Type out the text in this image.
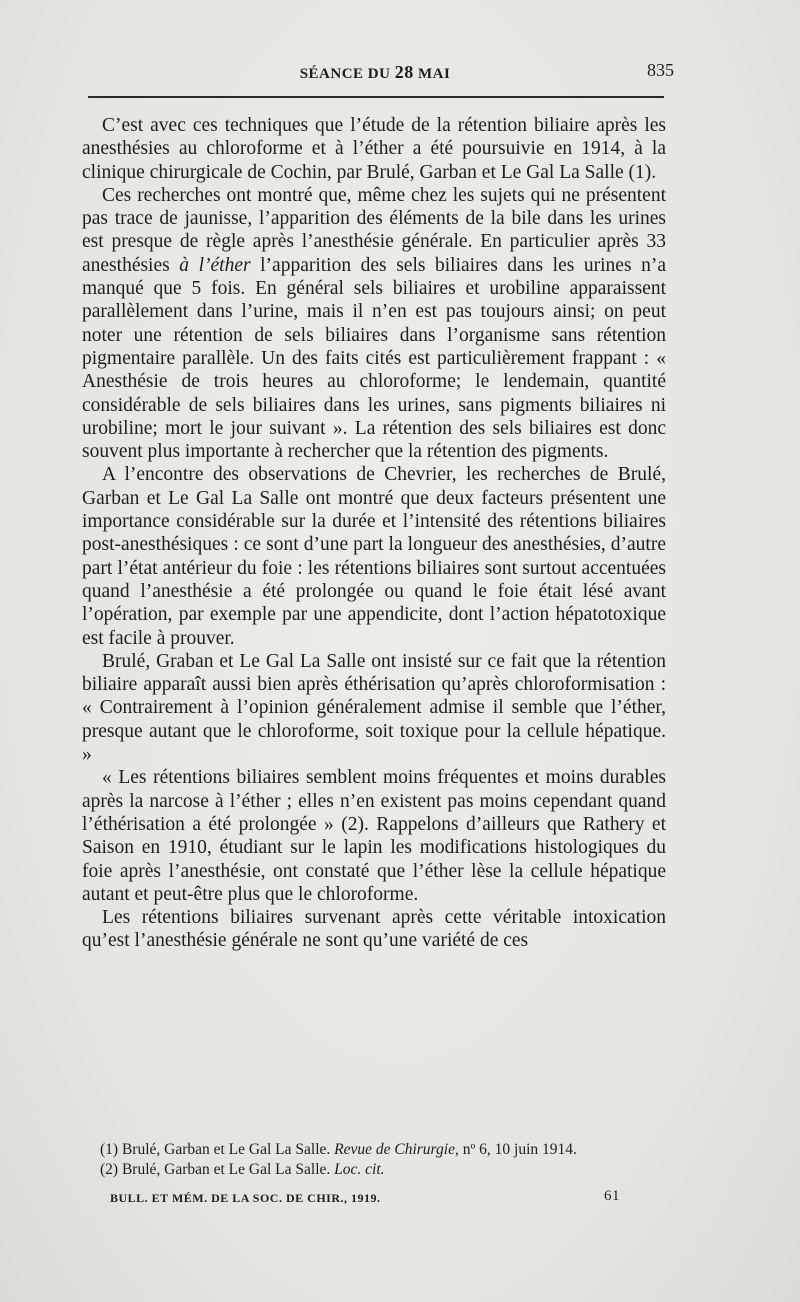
SÉANCE DU 28 MAI	835

C’est avec ces techniques que l’étude de la rétention biliaire après les anesthésies au chloroforme et à l’éther a été poursuivie en 1914, à la clinique chirurgicale de Cochin, par Brulé, Garban et Le Gal La Salle (1).

Ces recherches ont montré que, même chez les sujets qui ne présentent pas trace de jaunisse, l’apparition des éléments de la bile dans les urines est presque de règle après l’anesthésie générale. En particulier après 33 anesthésies à l’éther l’apparition des sels biliaires dans les urines n’a manqué que 5 fois. En général sels biliaires et urobiline apparaissent parallèlement dans l’urine, mais il n’en est pas toujours ainsi; on peut noter une rétention de sels biliaires dans l’organisme sans rétention pigmentaire parallèle. Un des faits cités est particulièrement frappant : « Anesthésie de trois heures au chloroforme; le lendemain, quantité considérable de sels biliaires dans les urines, sans pigments biliaires ni urobiline; mort le jour suivant ». La rétention des sels biliaires est donc souvent plus importante à rechercher que la rétention des pigments.

A l’encontre des observations de Chevrier, les recherches de Brulé, Garban et Le Gal La Salle ont montré que deux facteurs présentent une importance considérable sur la durée et l’intensité des rétentions biliaires post-anesthésiques : ce sont d’une part la longueur des anesthésies, d’autre part l’état antérieur du foie : les rétentions biliaires sont surtout accentuées quand l’anesthésie a été prolongée ou quand le foie était lésé avant l’opération, par exemple par une appendicite, dont l’action hépatotoxique est facile à prouver.

Brulé, Graban et Le Gal La Salle ont insisté sur ce fait que la rétention biliaire apparaît aussi bien après éthérisation qu’après chloroformisation : « Contrairement à l’opinion généralement admise il semble que l’éther, presque autant que le chloroforme, soit toxique pour la cellule hépatique. »

« Les rétentions biliaires semblent moins fréquentes et moins durables après la narcose à l’éther ; elles n’en existent pas moins cependant quand l’éthérisation a été prolongée » (2). Rappelons d’ailleurs que Rathery et Saison en 1910, étudiant sur le lapin les modifications histologiques du foie après l’anesthésie, ont constaté que l’éther lèse la cellule hépatique autant et peut-être plus que le chloroforme.

Les rétentions biliaires survenant après cette véritable intoxication qu’est l’anesthésie générale ne sont qu’une variété de ces

(1) Brulé, Garban et Le Gal La Salle. Revue de Chirurgie, nº 6, 10 juin 1914.
(2) Brulé, Garban et Le Gal La Salle. Loc. cit.
BULL. ET MÉM. DE LA SOC. DE CHIR., 1919.	61
